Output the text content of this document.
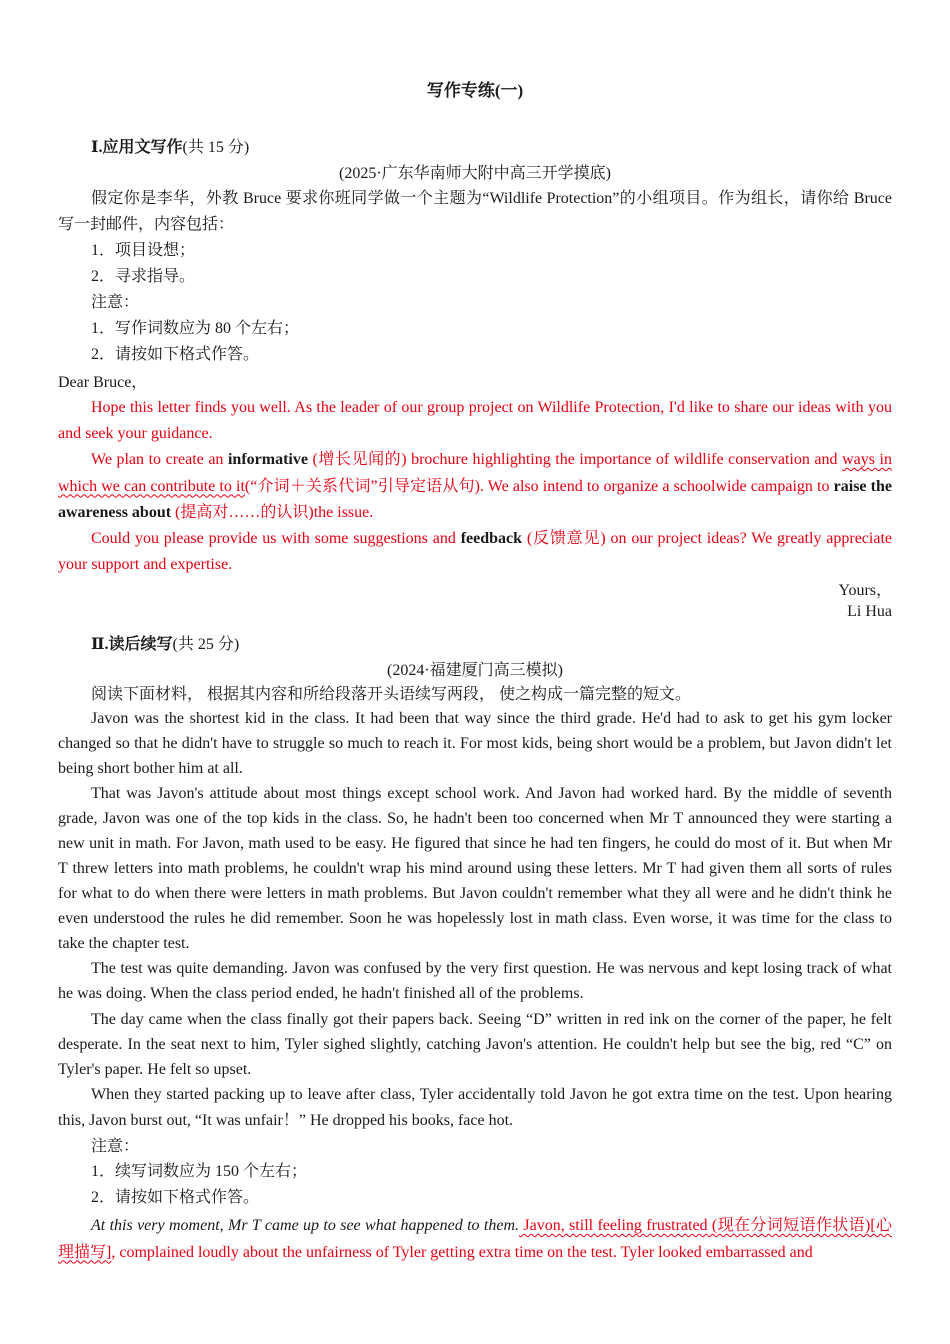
写作专练(一)
Ⅰ.应用文写作(共 15 分)
(2025·广东华南师大附中高三开学摸底)

假定你是李华，外教 Bruce 要求你班同学做一个主题为“Wildlife Protection”的小组项目。作为组长，请你给 Bruce 写一封邮件，内容包括：

1．项目设想；

2．寻求指导。

注意：

1．写作词数应为 80 个左右；

2．请按如下格式作答。

Dear Bruce，

Hope this letter finds you well. As the leader of our group project on Wildlife Protection, I'd like to share our ideas with you and seek your guidance.

We plan to create an informative (增长见闻的) brochure highlighting the importance of wildlife conservation and ways in which we can contribute to it(“介词＋关系代词”引导定语从句). We also intend to organize a schoolwide campaign to raise the awareness about (提高对……的认识)the issue.

Could you please provide us with some suggestions and feedback (反馈意见) on our project ideas? We greatly appreciate your support and expertise.

Yours，
Li Hua
Ⅱ.读后续写(共 25 分)
(2024·福建厦门高三模拟)

阅读下面材料， 根据其内容和所给段落开头语续写两段， 使之构成一篇完整的短文。

Javon was the shortest kid in the class. It had been that way since the third grade. He'd had to ask to get his gym locker changed so that he didn't have to struggle so much to reach it. For most kids, being short would be a problem, but Javon didn't let being short bother him at all.

That was Javon's attitude about most things except school work. And Javon had worked hard. By the middle of seventh grade, Javon was one of the top kids in the class. So, he hadn't been too concerned when Mr T announced they were starting a new unit in math. For Javon, math used to be easy. He figured that since he had ten fingers, he could do most of it. But when Mr T threw letters into math problems, he couldn't wrap his mind around using these letters. Mr T had given them all sorts of rules for what to do when there were letters in math problems. But Javon couldn't remember what they all were and he didn't think he even understood the rules he did remember. Soon he was hopelessly lost in math class. Even worse, it was time for the class to take the chapter test.

The test was quite demanding. Javon was confused by the very first question. He was nervous and kept losing track of what he was doing. When the class period ended, he hadn't finished all of the problems.

The day came when the class finally got their papers back. Seeing “D” written in red ink on the corner of the paper, he felt desperate. In the seat next to him, Tyler sighed slightly, catching Javon's attention. He couldn't help but see the big, red “C” on Tyler's paper. He felt so upset.

When they started packing up to leave after class, Tyler accidentally told Javon he got extra time on the test. Upon hearing this, Javon burst out, “It was unfair！” He dropped his books, face hot.

注意：

1．续写词数应为 150 个左右；

2．请按如下格式作答。

At this very moment, Mr T came up to see what happened to them. Javon, still feeling frustrated (现在分词短语作状语)[心理描写], complained loudly about the unfairness of Tyler getting extra time on the test. Tyler looked embarrassed and
